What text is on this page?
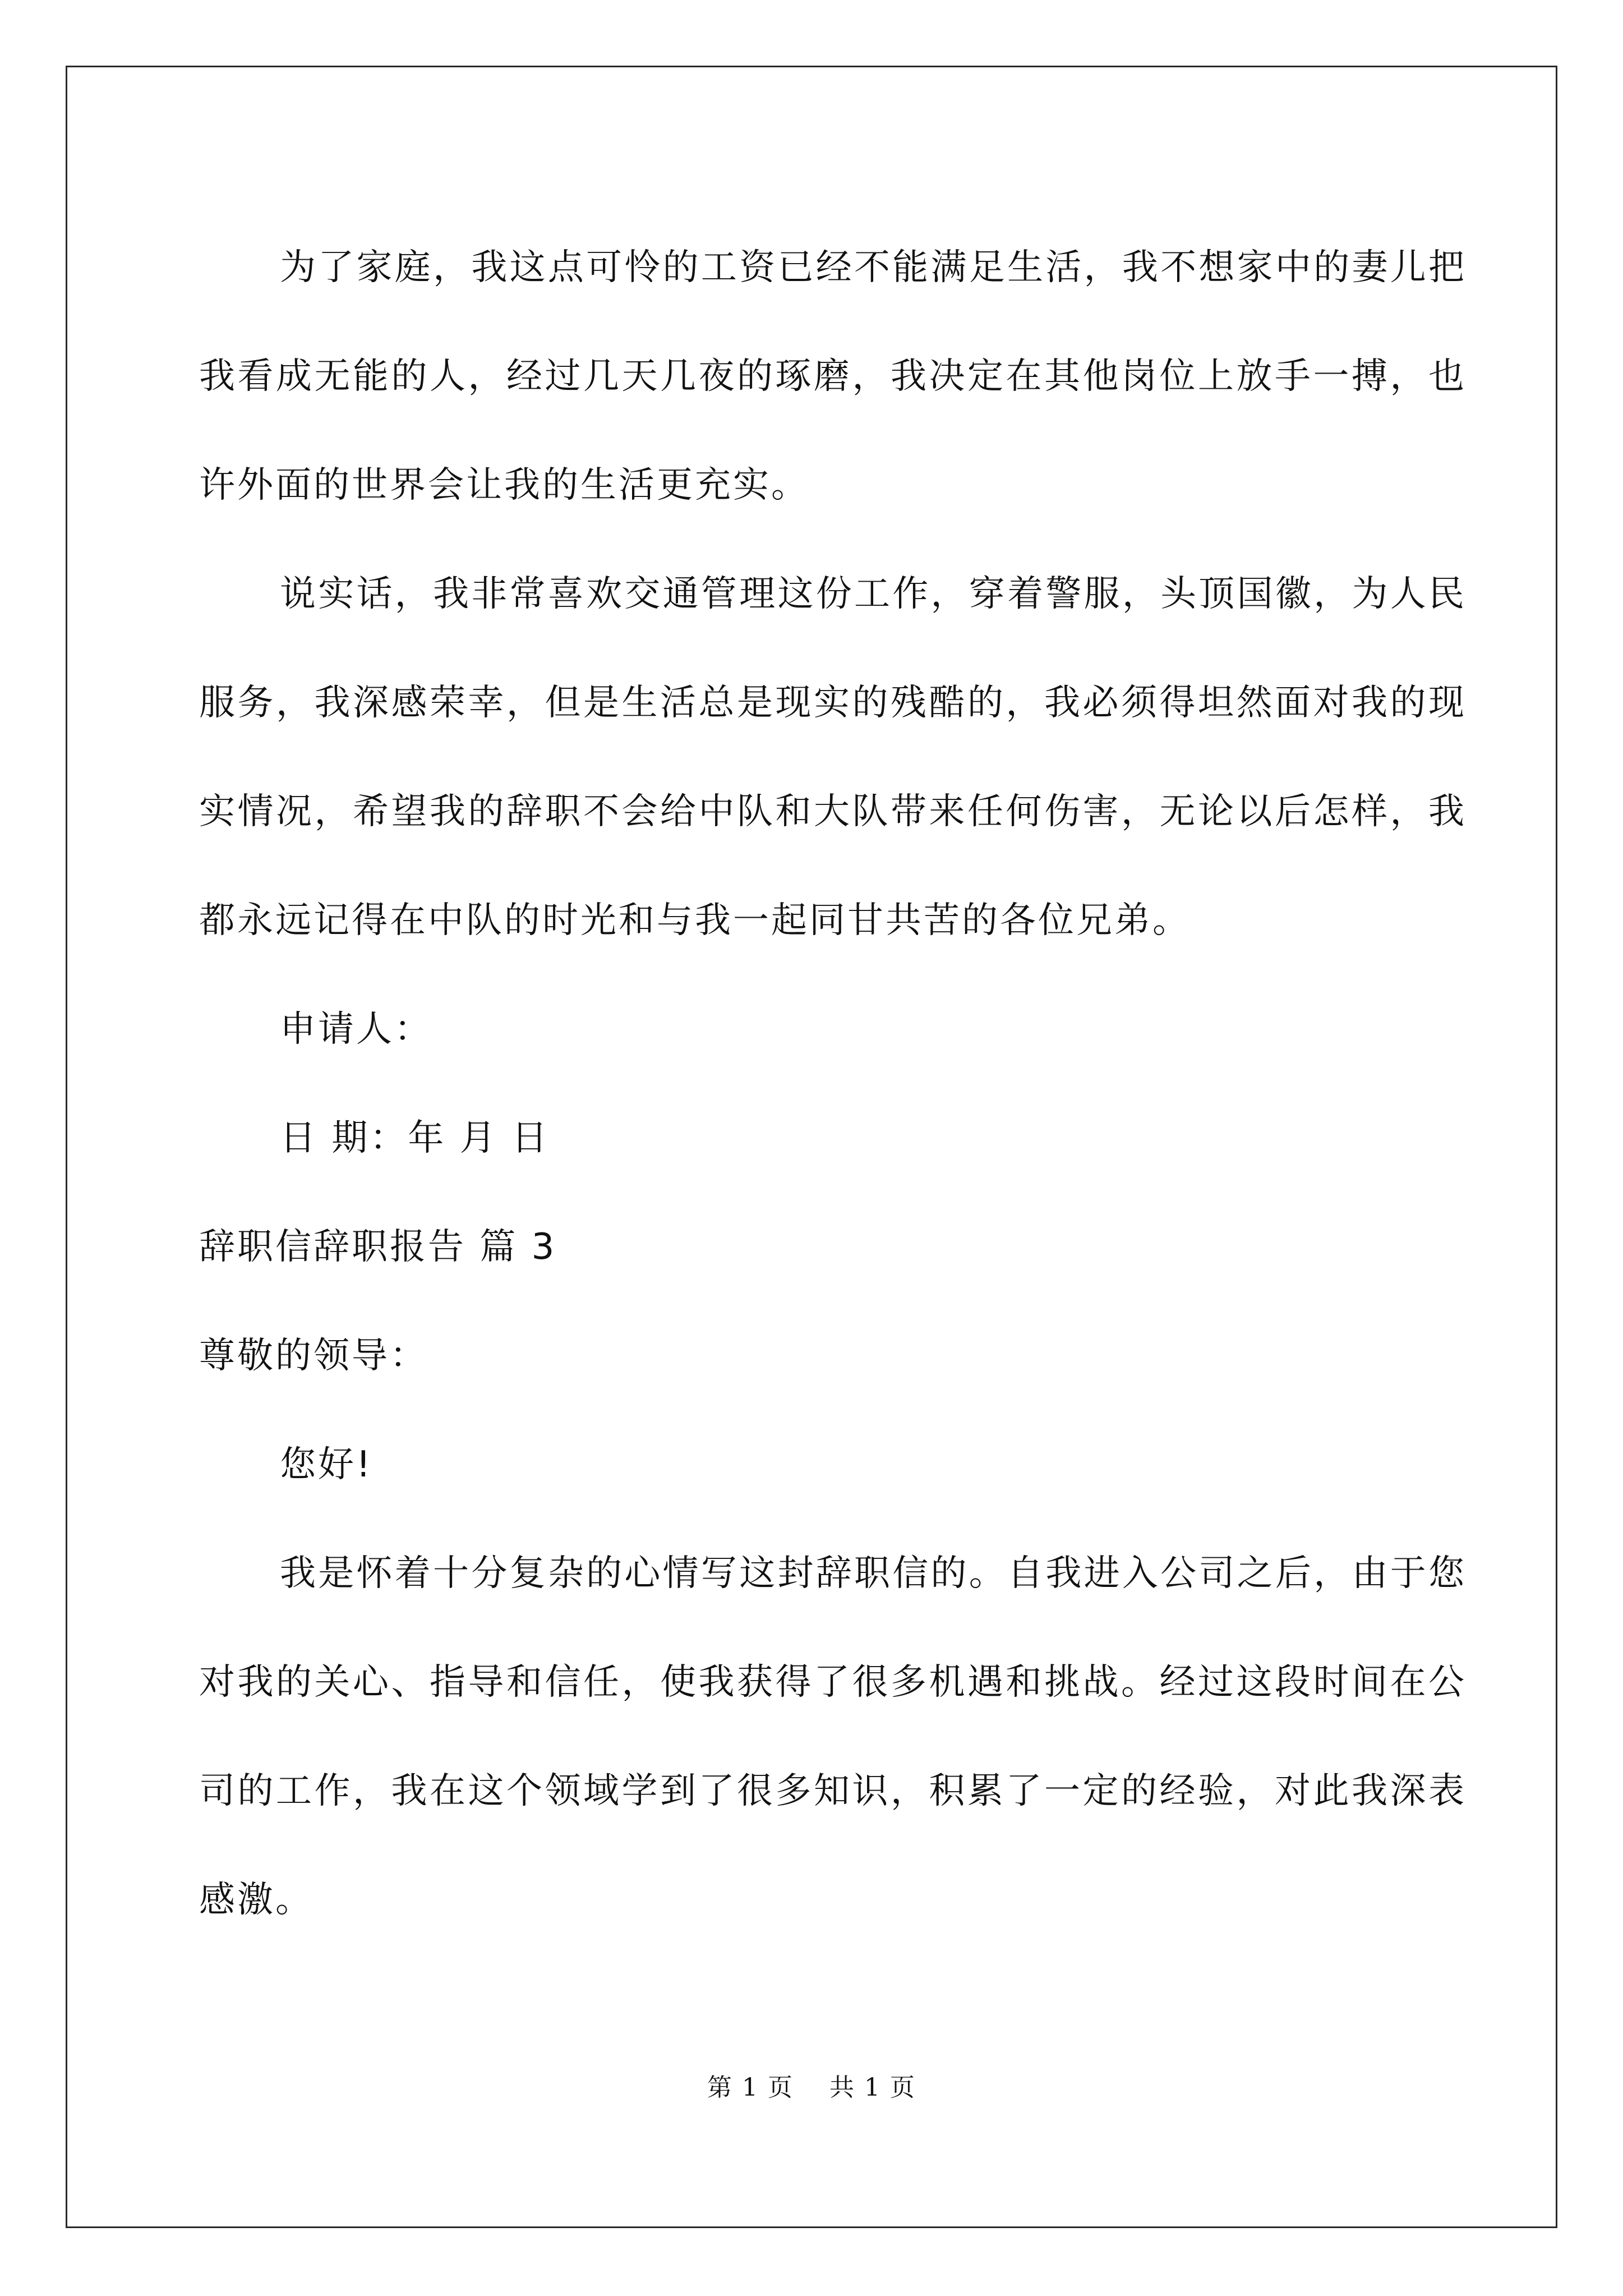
为了家庭，我这点可怜的工资已经不能满足生活，我不想家中的妻儿把我看成无能的人，经过几天几夜的琢磨，我决定在其他岗位上放手一搏，也许外面的世界会让我的生活更充实。

说实话，我非常喜欢交通管理这份工作，穿着警服，头顶国徽，为人民服务，我深感荣幸，但是生活总是现实的残酷的，我必须得坦然面对我的现实情况，希望我的辞职不会给中队和大队带来任何伤害，无论以后怎样，我都永远记得在中队的时光和与我一起同甘共苦的各位兄弟。

申请人：

日 期：年 月 日

辞职信辞职报告 篇 3

尊敬的领导：

您好!

我是怀着十分复杂的心情写这封辞职信的。自我进入公司之后，由于您对我的关心、指导和信任，使我获得了很多机遇和挑战。经过这段时间在公司的工作，我在这个领域学到了很多知识，积累了一定的经验，对此我深表感激。

第 1 页    共 1 页
